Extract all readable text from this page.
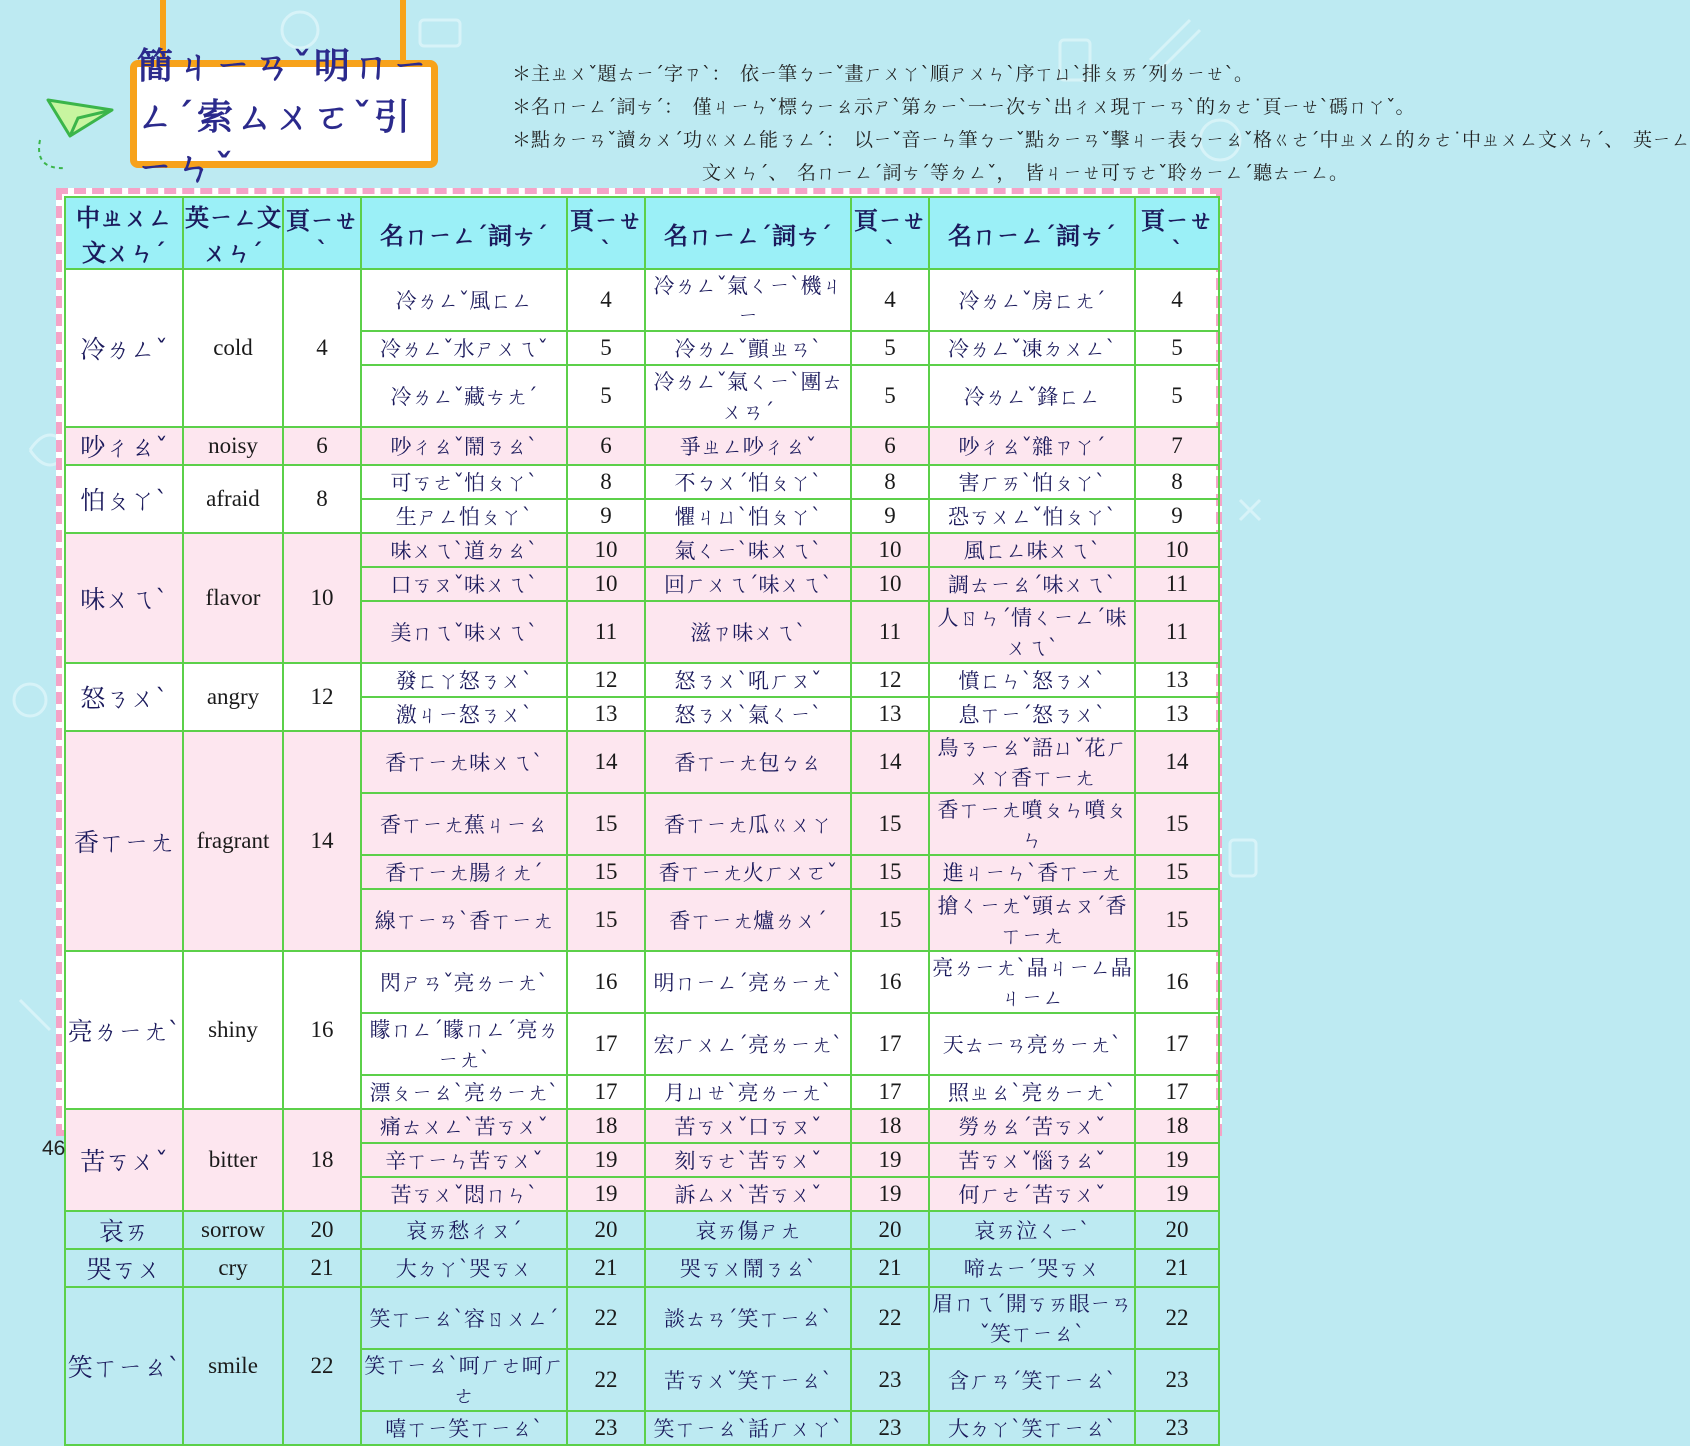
簡ㄐㄧㄢˇ明ㄇㄧㄥˊ索ㄙㄨㄛˇ引ㄧㄣˇ
＊主ㄓㄨˇ題ㄊㄧˊ字ㄗˋ：　依ㄧ筆ㄅㄧˇ畫ㄏㄨㄚˋ順ㄕㄨㄣˋ序ㄒㄩˋ排ㄆㄞˊ列ㄌㄧㄝˋ。
＊名ㄇㄧㄥˊ詞ㄘˊ：　僅ㄐㄧㄣˇ標ㄅㄧㄠ示ㄕˋ第ㄉㄧˋ一ㄧ次ㄘˋ出ㄔㄨ現ㄒㄧㄢˋ的ㄉㄜ˙頁ㄧㄝˋ碼ㄇㄚˇ。
＊點ㄉㄧㄢˇ讀ㄉㄨˊ功ㄍㄨㄥ能ㄋㄥˊ：　以ㄧˇ音ㄧㄣ筆ㄅㄧˇ點ㄉㄧㄢˇ擊ㄐㄧ表ㄅㄧㄠˇ格ㄍㄜˊ中ㄓㄨㄥ的ㄉㄜ˙中ㄓㄨㄥ文ㄨㄣˊ、　英ㄧㄥ
文ㄨㄣˊ、　名ㄇㄧㄥˊ詞ㄘˊ等ㄉㄥˇ，　皆ㄐㄧㄝ可ㄎㄜˇ聆ㄌㄧㄥˊ聽ㄊㄧㄥ。
中ㄓㄨㄥ文ㄨㄣˊ	英ㄧㄥ文ㄨㄣˊ	頁ㄧㄝˋ	名ㄇㄧㄥˊ詞ㄘˊ	頁ㄧㄝˋ	名ㄇㄧㄥˊ詞ㄘˊ	頁ㄧㄝˋ	名ㄇㄧㄥˊ詞ㄘˊ	頁ㄧㄝˋ
冷ㄌㄥˇ	cold	4	冷ㄌㄥˇ風ㄈㄥ	4	冷ㄌㄥˇ氣ㄑㄧˋ機ㄐㄧ	4	冷ㄌㄥˇ房ㄈㄤˊ	4
			冷ㄌㄥˇ水ㄕㄨㄟˇ	5	冷ㄌㄥˇ顫ㄓㄢˋ	5	冷ㄌㄥˇ凍ㄉㄨㄥˋ	5
			冷ㄌㄥˇ藏ㄘㄤˊ	5	冷ㄌㄥˇ氣ㄑㄧˋ團ㄊㄨㄢˊ	5	冷ㄌㄥˇ鋒ㄈㄥ	5
吵ㄔㄠˇ	noisy	6	吵ㄔㄠˇ鬧ㄋㄠˋ	6	爭ㄓㄥ吵ㄔㄠˇ	6	吵ㄔㄠˇ雜ㄗㄚˊ	7
怕ㄆㄚˋ	afraid	8	可ㄎㄜˇ怕ㄆㄚˋ	8	不ㄅㄨˊ怕ㄆㄚˋ	8	害ㄏㄞˋ怕ㄆㄚˋ	8
			生ㄕㄥ怕ㄆㄚˋ	9	懼ㄐㄩˋ怕ㄆㄚˋ	9	恐ㄎㄨㄥˇ怕ㄆㄚˋ	9
味ㄨㄟˋ	flavor	10	味ㄨㄟˋ道ㄉㄠˋ	10	氣ㄑㄧˋ味ㄨㄟˋ	10	風ㄈㄥ味ㄨㄟˋ	10
			口ㄎㄡˇ味ㄨㄟˋ	10	回ㄏㄨㄟˊ味ㄨㄟˋ	10	調ㄊㄧㄠˊ味ㄨㄟˋ	11
			美ㄇㄟˇ味ㄨㄟˋ	11	滋ㄗ味ㄨㄟˋ	11	人ㄖㄣˊ情ㄑㄧㄥˊ味ㄨㄟˋ	11
怒ㄋㄨˋ	angry	12	發ㄈㄚ怒ㄋㄨˋ	12	怒ㄋㄨˋ吼ㄏㄡˇ	12	憤ㄈㄣˋ怒ㄋㄨˋ	13
			激ㄐㄧ怒ㄋㄨˋ	13	怒ㄋㄨˋ氣ㄑㄧˋ	13	息ㄒㄧˊ怒ㄋㄨˋ	13
香ㄒㄧㄤ	fragrant	14	香ㄒㄧㄤ味ㄨㄟˋ	14	香ㄒㄧㄤ包ㄅㄠ	14	鳥ㄋㄧㄠˇ語ㄩˇ花ㄏㄨㄚ香ㄒㄧㄤ	14
			香ㄒㄧㄤ蕉ㄐㄧㄠ	15	香ㄒㄧㄤ瓜ㄍㄨㄚ	15	香ㄒㄧㄤ噴ㄆㄣ噴ㄆㄣ	15
			香ㄒㄧㄤ腸ㄔㄤˊ	15	香ㄒㄧㄤ火ㄏㄨㄛˇ	15	進ㄐㄧㄣˋ香ㄒㄧㄤ	15
			線ㄒㄧㄢˋ香ㄒㄧㄤ	15	香ㄒㄧㄤ爐ㄌㄨˊ	15	搶ㄑㄧㄤˇ頭ㄊㄡˊ香ㄒㄧㄤ	15
亮ㄌㄧㄤˋ	shiny	16	閃ㄕㄢˇ亮ㄌㄧㄤˋ	16	明ㄇㄧㄥˊ亮ㄌㄧㄤˋ	16	亮ㄌㄧㄤˋ晶ㄐㄧㄥ晶ㄐㄧㄥ	16
			矇ㄇㄥˊ矇ㄇㄥˊ亮ㄌㄧㄤˋ	17	宏ㄏㄨㄥˊ亮ㄌㄧㄤˋ	17	天ㄊㄧㄢ亮ㄌㄧㄤˋ	17
			漂ㄆㄧㄠˋ亮ㄌㄧㄤˋ	17	月ㄩㄝˋ亮ㄌㄧㄤˋ	17	照ㄓㄠˋ亮ㄌㄧㄤˋ	17
苦ㄎㄨˇ	bitter	18	痛ㄊㄨㄥˋ苦ㄎㄨˇ	18	苦ㄎㄨˇ口ㄎㄡˇ	18	勞ㄌㄠˊ苦ㄎㄨˇ	18
			辛ㄒㄧㄣ苦ㄎㄨˇ	19	刻ㄎㄜˋ苦ㄎㄨˇ	19	苦ㄎㄨˇ惱ㄋㄠˇ	19
			苦ㄎㄨˇ悶ㄇㄣˋ	19	訴ㄙㄨˋ苦ㄎㄨˇ	19	何ㄏㄜˊ苦ㄎㄨˇ	19
哀ㄞ	sorrow	20	哀ㄞ愁ㄔㄡˊ	20	哀ㄞ傷ㄕㄤ	20	哀ㄞ泣ㄑㄧˋ	20
哭ㄎㄨ	cry	21	大ㄉㄚˋ哭ㄎㄨ	21	哭ㄎㄨ鬧ㄋㄠˋ	21	啼ㄊㄧˊ哭ㄎㄨ	21
笑ㄒㄧㄠˋ	smile	22	笑ㄒㄧㄠˋ容ㄖㄨㄥˊ	22	談ㄊㄢˊ笑ㄒㄧㄠˋ	22	眉ㄇㄟˊ開ㄎㄞ眼ㄧㄢˇ笑ㄒㄧㄠˋ	22
			笑ㄒㄧㄠˋ呵ㄏㄜ呵ㄏㄜ	22	苦ㄎㄨˇ笑ㄒㄧㄠˋ	23	含ㄏㄢˊ笑ㄒㄧㄠˋ	23
			嘻ㄒㄧ笑ㄒㄧㄠˋ	23	笑ㄒㄧㄠˋ話ㄏㄨㄚˋ	23	大ㄉㄚˋ笑ㄒㄧㄠˋ	23
46
